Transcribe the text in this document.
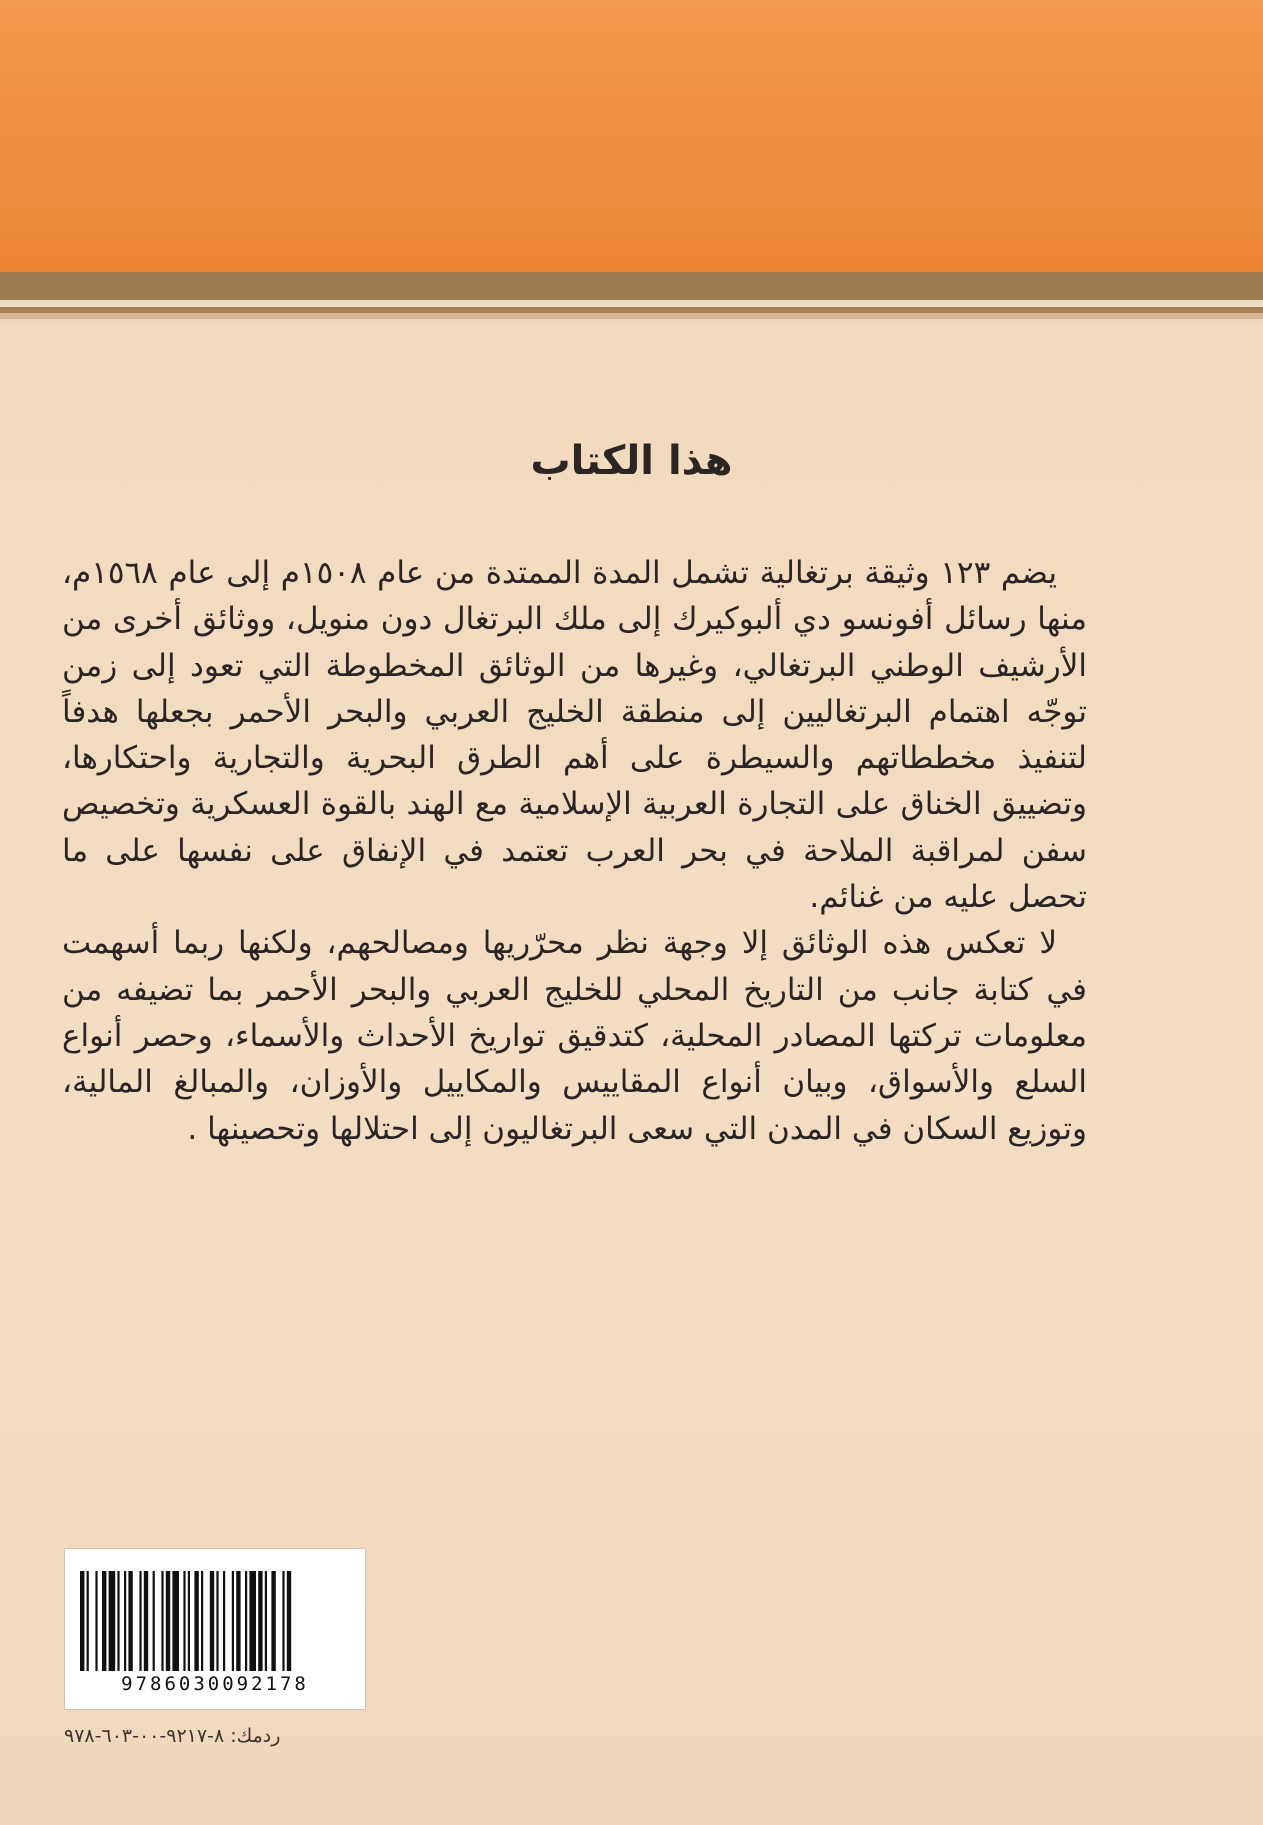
هذا الكتاب

يضم ١٢٣ وثيقة برتغالية تشمل المدة الممتدة من عام ١٥٠٨م إلى عام ١٥٦٨م، منها رسائل أفونسو دي ألبوكيرك إلى ملك البرتغال دون منويل، ووثائق أخرى من الأرشيف الوطني البرتغالي، وغيرها من الوثائق المخطوطة التي تعود إلى زمن توجّه اهتمام البرتغاليين إلى منطقة الخليج العربي والبحر الأحمر بجعلها هدفاً لتنفيذ مخططاتهم والسيطرة على أهم الطرق البحرية والتجارية واحتكارها، وتضييق الخناق على التجارة العربية الإسلامية مع الهند بالقوة العسكرية وتخصيص سفن لمراقبة الملاحة في بحر العرب تعتمد في الإنفاق على نفسها على ما تحصل عليه من غنائم.

لا تعكس هذه الوثائق إلا وجهة نظر محرّريها ومصالحهم، ولكنها ربما أسهمت في كتابة جانب من التاريخ المحلي للخليج العربي والبحر الأحمر بما تضيفه من معلومات تركتها المصادر المحلية، كتدقيق تواريخ الأحداث والأسماء، وحصر أنواع السلع والأسواق، وبيان أنواع المقاييس والمكاييل والأوزان، والمبالغ المالية، وتوزيع السكان في المدن التي سعى البرتغاليون إلى احتلالها وتحصينها .

9786030092178
ردمك: ٨-٩٢١٧-٠٠-٦٠٣-٩٧٨
